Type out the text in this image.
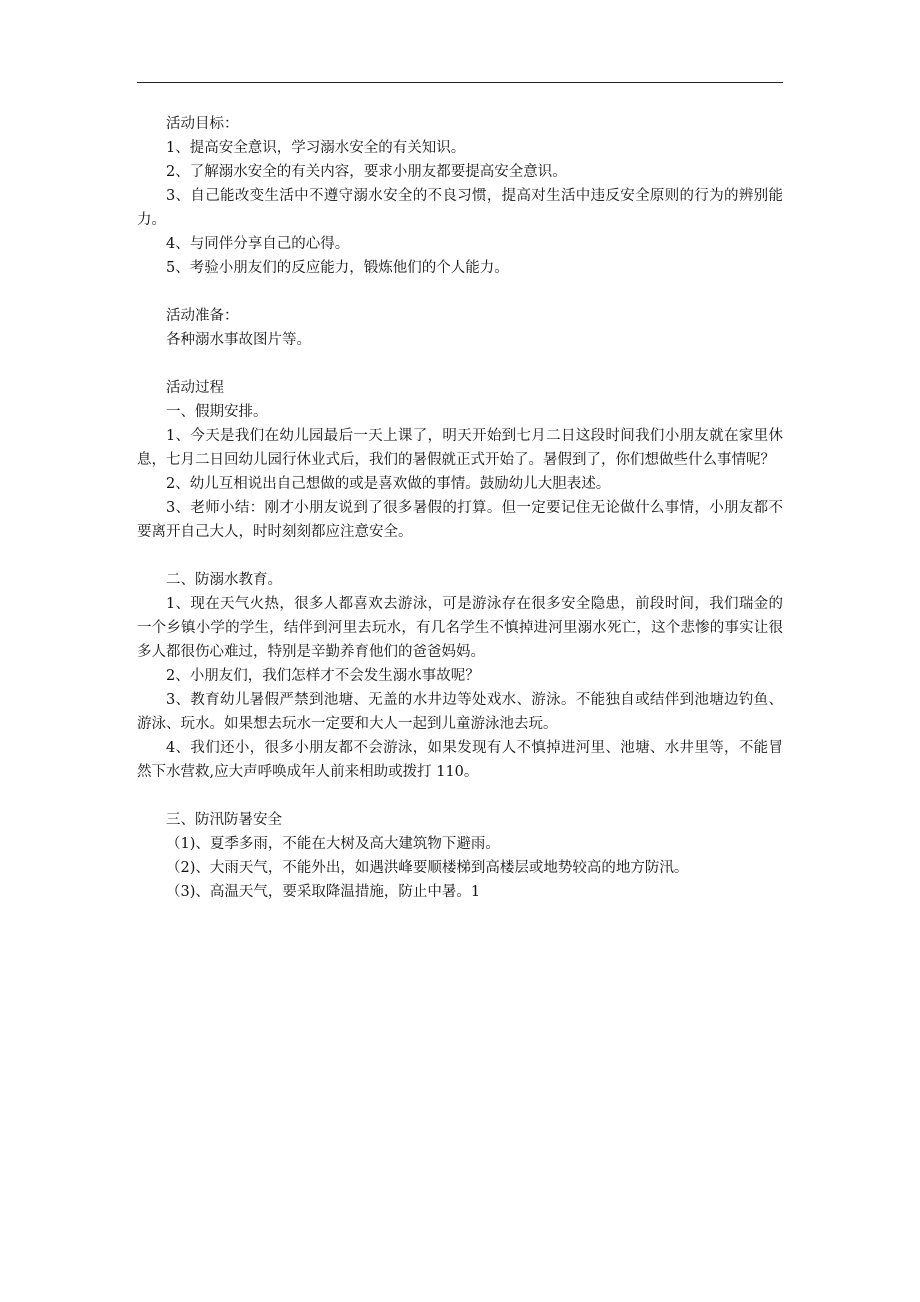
活动目标：

1、提高安全意识，学习溺水安全的有关知识。

2、了解溺水安全的有关内容，要求小朋友都要提高安全意识。

3、自己能改变生活中不遵守溺水安全的不良习惯，提高对生活中违反安全原则的行为的辨别能力。

4、与同伴分享自己的心得。

5、考验小朋友们的反应能力，锻炼他们的个人能力。

活动准备：

各种溺水事故图片等。

活动过程

一、假期安排。

1、今天是我们在幼儿园最后一天上课了，明天开始到七月二日这段时间我们小朋友就在家里休息，七月二日回幼儿园行休业式后，我们的暑假就正式开始了。暑假到了，你们想做些什么事情呢？

2、幼儿互相说出自己想做的或是喜欢做的事情。鼓励幼儿大胆表述。

3、老师小结：刚才小朋友说到了很多暑假的打算。但一定要记住无论做什么事情，小朋友都不要离开自己大人，时时刻刻都应注意安全。

二、防溺水教育。

1、现在天气火热，很多人都喜欢去游泳，可是游泳存在很多安全隐患，前段时间，我们瑞金的一个乡镇小学的学生，结伴到河里去玩水，有几名学生不慎掉进河里溺水死亡，这个悲惨的事实让很多人都很伤心难过，特别是辛勤养育他们的爸爸妈妈。

2、小朋友们，我们怎样才不会发生溺水事故呢？

3、教育幼儿暑假严禁到池塘、无盖的水井边等处戏水、游泳。不能独自或结伴到池塘边钓鱼、游泳、玩水。如果想去玩水一定要和大人一起到儿童游泳池去玩。

4、我们还小，很多小朋友都不会游泳，如果发现有人不慎掉进河里、池塘、水井里等，不能冒然下水营救,应大声呼唤成年人前来相助或拨打 110。

三、防汛防暑安全

（1)、夏季多雨，不能在大树及高大建筑物下避雨。

（2)、大雨天气，不能外出，如遇洪峰要顺楼梯到高楼层或地势较高的地方防汛。

（3)、高温天气，要采取降温措施，防止中暑。1
